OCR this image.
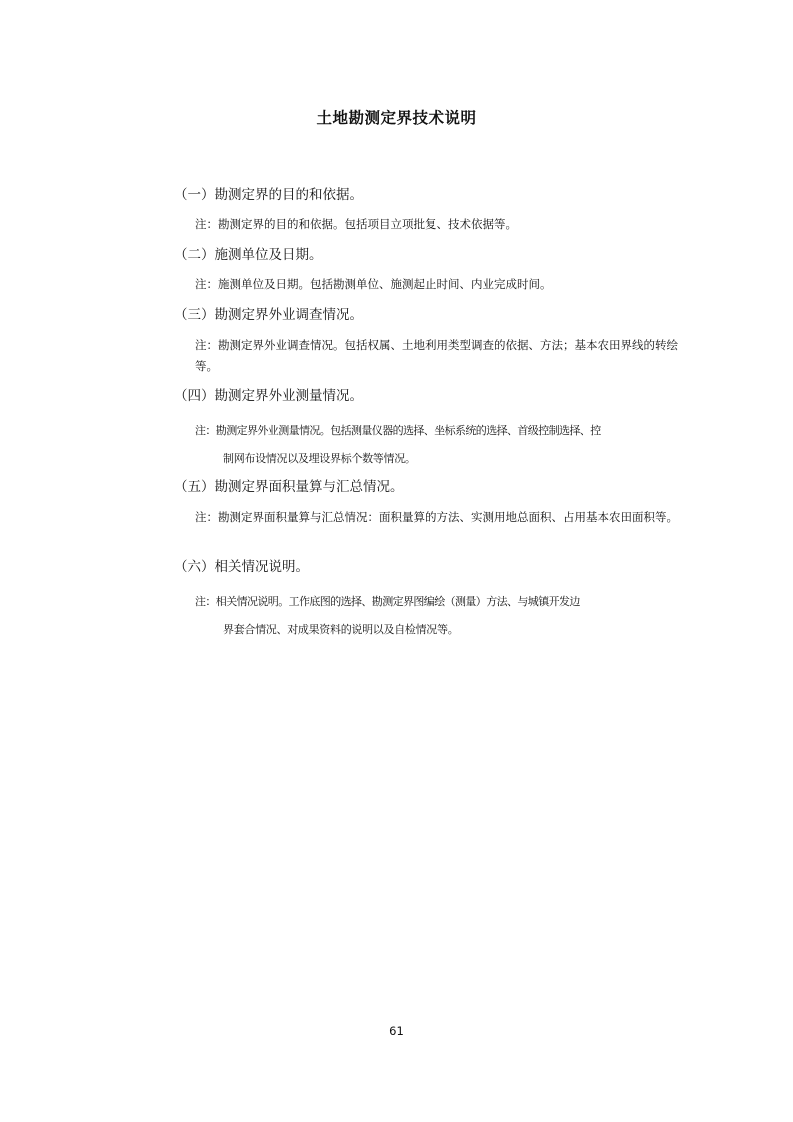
土地勘测定界技术说明
（一）勘测定界的目的和依据。
注：勘测定界的目的和依据。包括项目立项批复、技术依据等。
（二）施测单位及日期。
注：施测单位及日期。包括勘测单位、施测起止时间、内业完成时间。
（三）勘测定界外业调查情况。
注：勘测定界外业调查情况。包括权属、土地利用类型调查的依据、方法；基本农田界线的转绘等。
（四）勘测定界外业测量情况。
注：勘测定界外业测量情况。包括测量仪器的选择、坐标系统的选择、首级控制选择、控
制网布设情况以及埋设界标个数等情况。
（五）勘测定界面积量算与汇总情况。
注：勘测定界面积量算与汇总情况：面积量算的方法、实测用地总面积、占用基本农田面积等。
（六）相关情况说明。
注：相关情况说明。工作底图的选择、勘测定界图编绘（测量）方法、与城镇开发边
界套合情况、对成果资料的说明以及自检情况等。
61
